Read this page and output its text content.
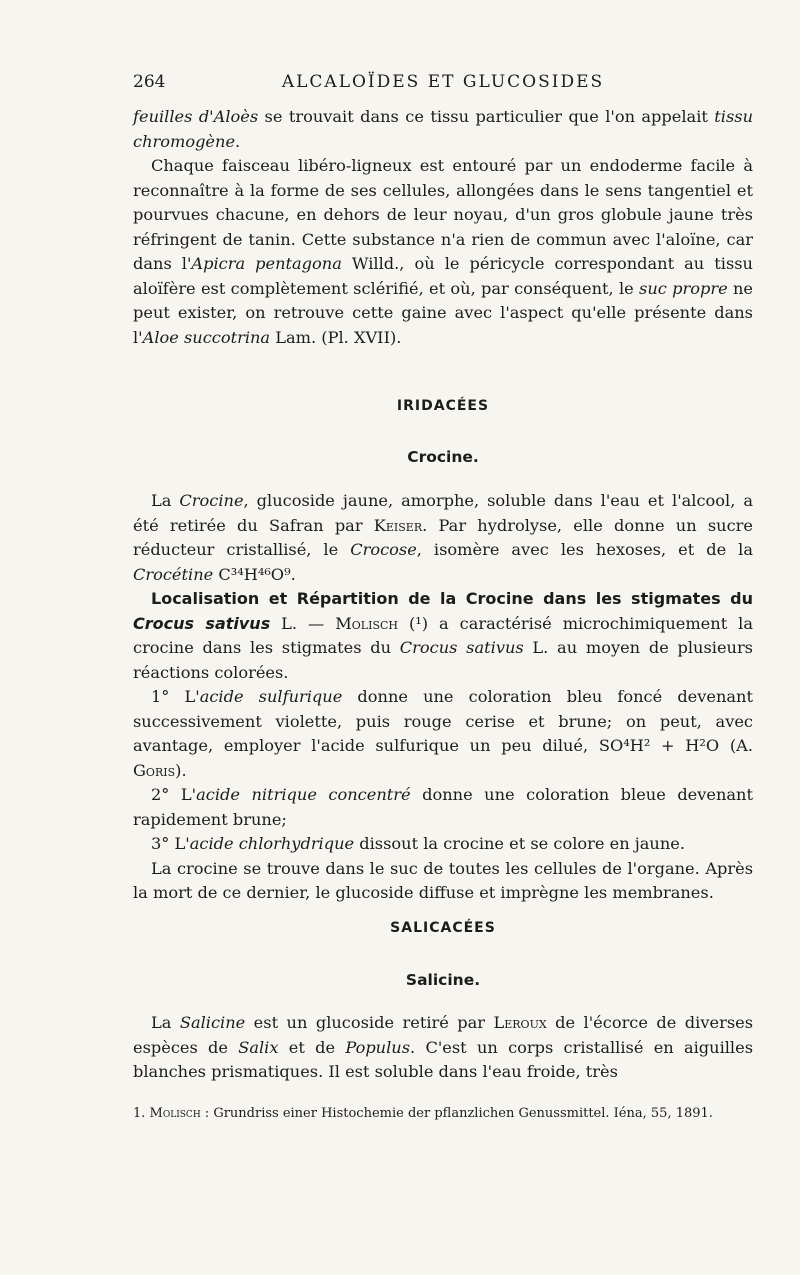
264	ALCALOÏDES ET GLUCOSIDES

feuilles d'Aloès se trouvait dans ce tissu particulier que l'on appelait tissu chromogène.

Chaque faisceau libéro-ligneux est entouré par un endoderme facile à reconnaître à la forme de ses cellules, allongées dans le sens tangentiel et pourvues chacune, en dehors de leur noyau, d'un gros globule jaune très réfringent de tanin. Cette substance n'a rien de commun avec l'aloïne, car dans l'Apicra pentagona Willd., où le péricycle correspondant au tissu aloïfère est complètement sclérifié, et où, par conséquent, le suc propre ne peut exister, on retrouve cette gaine avec l'aspect qu'elle présente dans l'Aloe succotrina Lam. (Pl. XVII).

IRIDACÉES
Crocine.

La Crocine, glucoside jaune, amorphe, soluble dans l'eau et l'alcool, a été retirée du Safran par Keiser. Par hydrolyse, elle donne un sucre réducteur cristallisé, le Crocose, isomère avec les hexoses, et de la Crocétine C³⁴H⁴⁶O⁹.

Localisation et Répartition de la Crocine dans les stigmates du Crocus sativus L. — Molisch (¹) a caractérisé microchimiquement la crocine dans les stigmates du Crocus sativus L. au moyen de plusieurs réactions colorées.

1° L'acide sulfurique donne une coloration bleu foncé devenant successivement violette, puis rouge cerise et brune; on peut, avec avantage, employer l'acide sulfurique un peu dilué, SO⁴H² + H²O (A. Goris).

2° L'acide nitrique concentré donne une coloration bleue devenant rapidement brune;

3° L'acide chlorhydrique dissout la crocine et se colore en jaune.

La crocine se trouve dans le suc de toutes les cellules de l'organe. Après la mort de ce dernier, le glucoside diffuse et imprègne les membranes.

SALICACÉES
Salicine.

La Salicine est un glucoside retiré par Leroux de l'écorce de diverses espèces de Salix et de Populus. C'est un corps cristallisé en aiguilles blanches prismatiques. Il est soluble dans l'eau froide, très

1. Molisch : Grundriss einer Histochemie der pflanzlichen Genussmittel. Iéna, 55, 1891.
